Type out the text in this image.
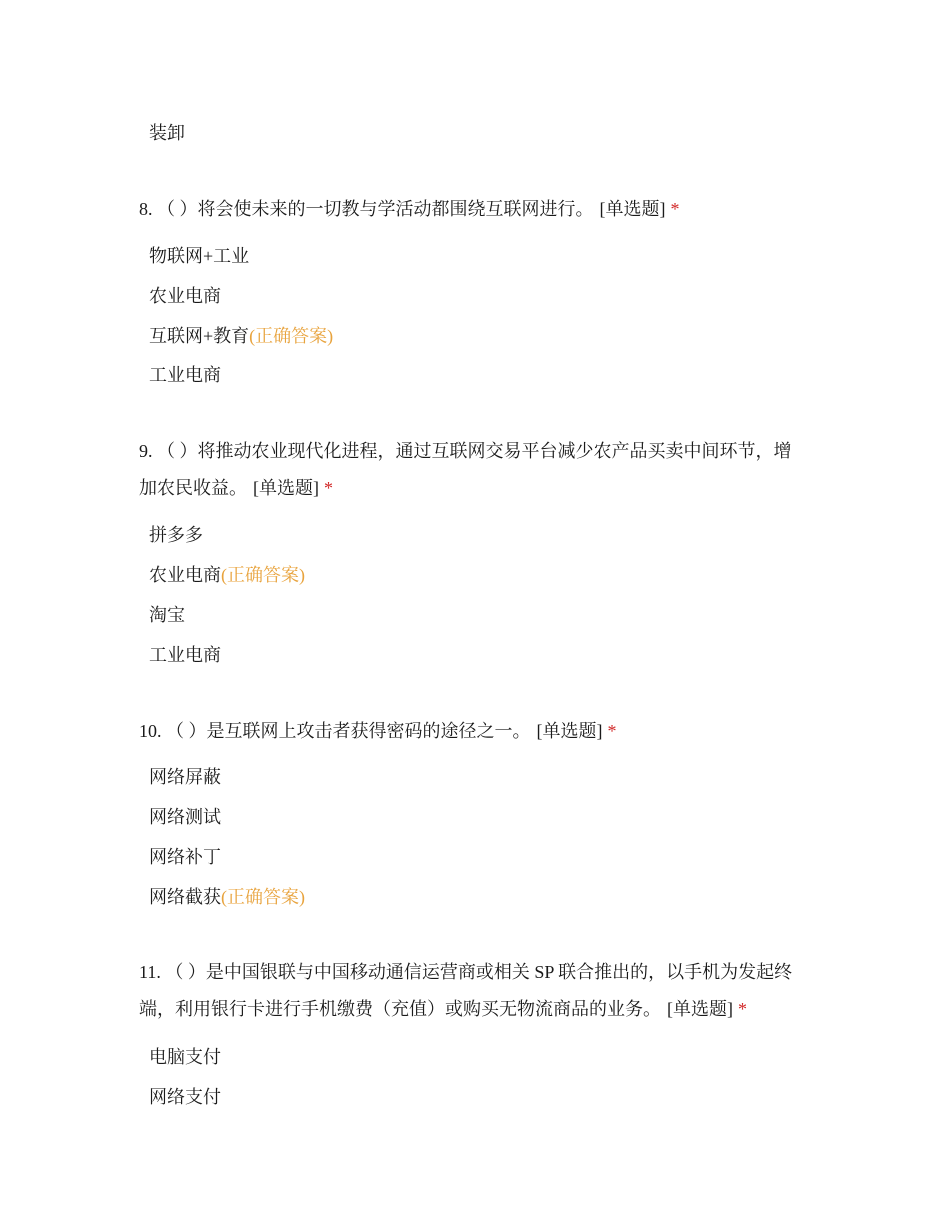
装卸
8. （ ）将会使未来的一切教与学活动都围绕互联网进行。 [单选题] *
物联网+工业
农业电商
互联网+教育(正确答案)
工业电商
9. （ ）将推动农业现代化进程，通过互联网交易平台减少农产品买卖中间环节，增加农民收益。 [单选题] *
拼多多
农业电商(正确答案)
淘宝
工业电商
10. （ ）是互联网上攻击者获得密码的途径之一。 [单选题] *
网络屏蔽
网络测试
网络补丁
网络截获(正确答案)
11. （ ）是中国银联与中国移动通信运营商或相关 SP 联合推出的，以手机为发起终端，利用银行卡进行手机缴费（充值）或购买无物流商品的业务。 [单选题] *
电脑支付
网络支付
